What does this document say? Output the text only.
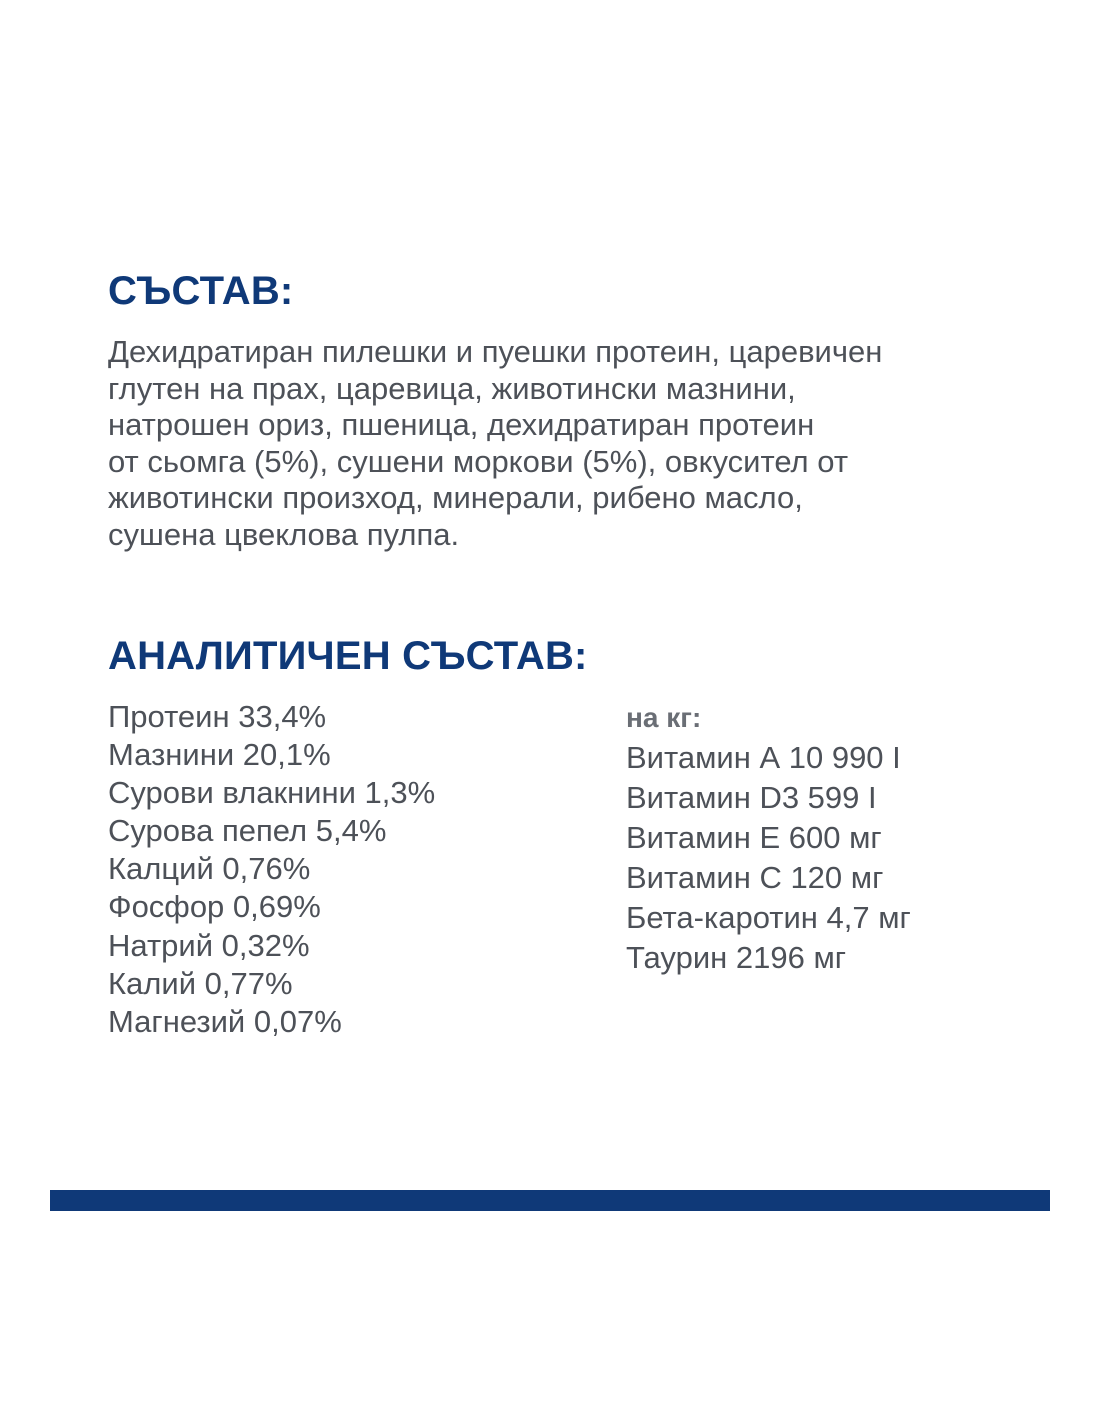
СЪСТАВ:
Дехидратиран пилешки и пуешки протеин, царевичен
глутен на прах, царевица, животински мазнини,
натрошен ориз, пшеница, дехидратиран протеин
от сьомга (5%), сушени моркови (5%), овкусител от
животински произход, минерали, рибено масло,
сушена цвеклова пулпа.
АНАЛИТИЧЕН СЪСТАВ:
Протеин 33,4%
Мазнини 20,1%
Сурови влакнини 1,3%
Сурова пепел 5,4%
Калций 0,76%
Фосфор 0,69%
Натрий 0,32%
Калий 0,77%
Магнезий 0,07%
на кг:
Витамин А 10 990 I
Витамин D3 599 I
Витамин Е 600 мг
Витамин С 120 мг
Бета-каротин 4,7 мг
Таурин 2196 мг
